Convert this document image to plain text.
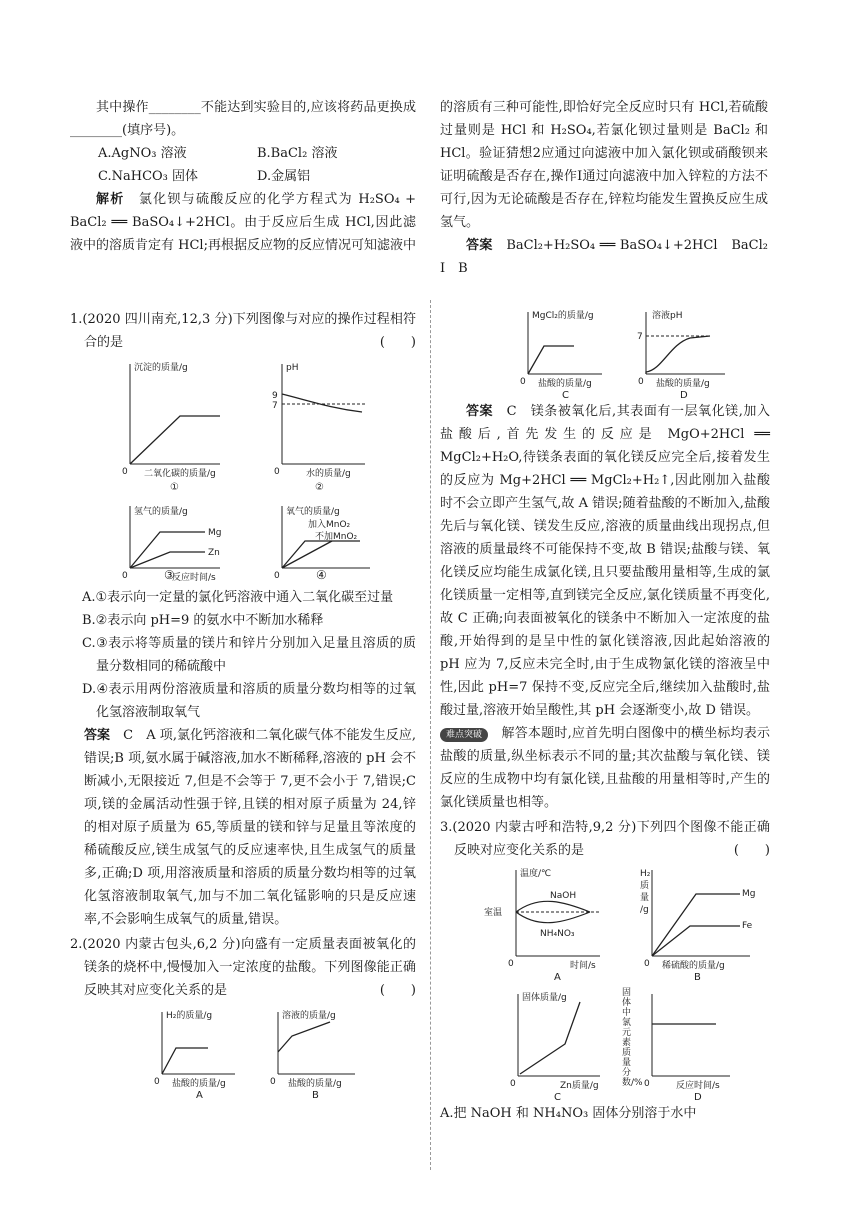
其中操作________不能达到实验目的,应该将药品更换成________(填序号)。

A.AgNO₃ 溶液	B.BaCl₂ 溶液
C.NaHCO₃ 固体	D.金属铝

解析　 氯化钡与硫酸反应的化学方程式为 H₂SO₄ + BaCl₂ ══ BaSO₄↓+2HCl。由于反应后生成 HCl,因此滤液中的溶质肯定有 HCl;再根据反应物的反应情况可知滤液中

的溶质有三种可能性,即恰好完全反应时只有 HCl,若硫酸过量则是 HCl 和 H₂SO₄,若氯化钡过量则是 BaCl₂ 和 HCl。验证猜想2应通过向滤液中加入氯化钡或硝酸钡来证明硫酸是否存在,操作Ⅰ通过向滤液中加入锌粒的方法不可行,因为无论硫酸是否存在,锌粒均能发生置换反应生成氢气。

答案　 BaCl₂+H₂SO₄ ══ BaSO₄↓+2HCl　BaCl₂　Ⅰ　B

1.(2020 四川南充,12,3 分)下列图像与对应的操作过程相符合的是	(　　)

沉淀的质量/g
0 二氧化碳的质量/g
①
pH
9
7
0	水的质量/g
②
氢气的质量/g
Mg
Zn
0	反应时间/s
氧气的质量/g
加入MnO₂
不加MnO₂
0
③	④

A.①表示向一定量的氯化钙溶液中通入二氧化碳至过量

B.②表示向 pH=9 的氨水中不断加水稀释

C.③表示将等质量的镁片和锌片分别加入足量且溶质的质量分数相同的稀硫酸中

D.④表示用两份溶液质量和溶质的质量分数均相等的过氧化氢溶液制取氧气

答案　 C　A 项,氯化钙溶液和二氧化碳气体不能发生反应,错误;B 项,氨水属于碱溶液,加水不断稀释,溶液的 pH 会不断减小,无限接近 7,但是不会等于 7,更不会小于 7,错误;C 项,镁的金属活动性强于锌,且镁的相对原子质量为 24,锌的相对原子质量为 65,等质量的镁和锌与足量且等浓度的稀硫酸反应,镁生成氢气的反应速率快,且生成氢气的质量多,正确;D 项,用溶液质量和溶质的质量分数均相等的过氧化氢溶液制取氧气,加与不加二氧化锰影响的只是反应速率,不会影响生成氧气的质量,错误。

2.(2020 内蒙古包头,6,2 分)向盛有一定质量表面被氧化的镁条的烧杯中,慢慢加入一定浓度的盐酸。下列图像能正确反映其对应变化关系的是	(　　)

H₂的质量/g
0 盐酸的质量/g
A
溶液的质量/g
0 盐酸的质量/g
B
MgCl₂的质量/g
0 盐酸的质量/g
C
溶液pH
7
0 盐酸的质量/g
D

答案　 C　镁条被氧化后,其表面有一层氧化镁,加入盐酸后,首先发生的反应是 MgO+2HCl ══ MgCl₂+H₂O,待镁条表面的氧化镁反应完全后,接着发生的反应为 Mg+2HCl ══ MgCl₂+H₂↑,因此刚加入盐酸时不会立即产生氢气,故 A 错误;随着盐酸的不断加入,盐酸先后与氧化镁、镁发生反应,溶液的质量曲线出现拐点,但溶液的质量最终不可能保持不变,故 B 错误;盐酸与镁、氧化镁反应均能生成氯化镁,且只要盐酸用量相等,生成的氯化镁质量一定相等,直到镁完全反应,氯化镁质量不再变化,故 C 正确;向表面被氧化的镁条中不断加入一定浓度的盐酸,开始得到的是呈中性的氯化镁溶液,因此起始溶液的 pH 应为 7,反应未完全时,由于生成物氯化镁的溶液呈中性,因此 pH=7 保持不变,反应完全后,继续加入盐酸时,盐酸过量,溶液开始呈酸性,其 pH 会逐渐变小,故 D 错误。

难点突破　 解答本题时,应首先明白图像中的横坐标均表示盐酸的质量,纵坐标表示不同的量;其次盐酸与氧化镁、镁反应的生成物中均有氯化镁,且盐酸的用量相等时,产生的氯化镁质量也相等。

3.(2020 内蒙古呼和浩特,9,2 分)下列四个图像不能正确反映对应变化关系的是	(　　)

温度/℃
NaOH
室温
NH₄NO₃
0	时间/s
A
H₂
质
量
/g
Mg
Fe
0 稀硫酸的质量/g
B
固体质量/g
0	Zn质量/g
C
固体中氯元素质量分数/% 0	反应时间/s
D

A.把 NaOH 和 NH₄NO₃ 固体分别溶于水中
